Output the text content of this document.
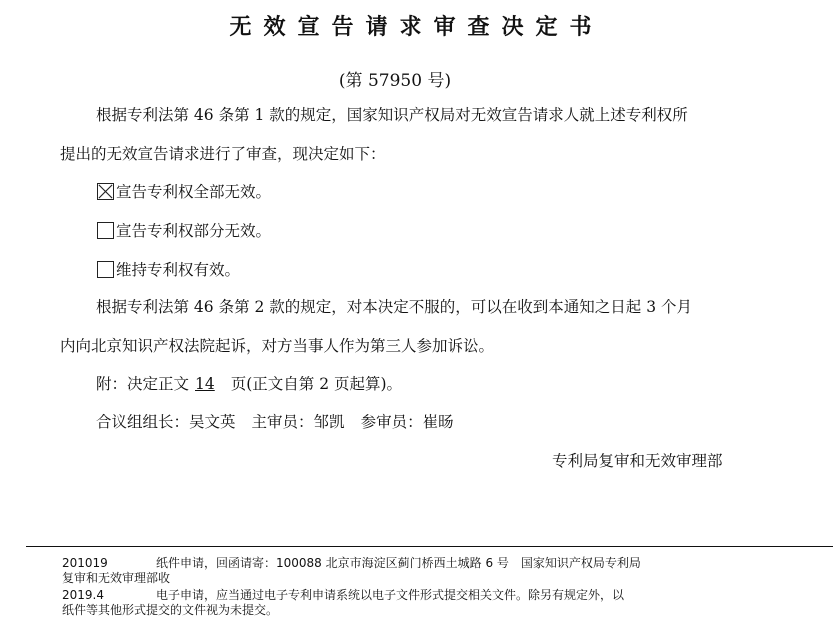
无效宣告请求审查决定书
(第 57950 号)
根据专利法第 46 条第 1 款的规定，国家知识产权局对无效宣告请求人就上述专利权所
提出的无效宣告请求进行了审查，现决定如下：
宣告专利权全部无效。
宣告专利权部分无效。
维持专利权有效。
根据专利法第 46 条第 2 款的规定，对本决定不服的，可以在收到本通知之日起 3 个月
内向北京知识产权法院起诉，对方当事人作为第三人参加诉讼。
附：决定正文 14 页(正文自第 2 页起算)。
合议组组长：吴文英 主审员：邹凯 参审员：崔旸
专利局复审和无效审理部
201019	纸件申请，回函请寄：100088 北京市海淀区蓟门桥西土城路 6 号　国家知识产权局专利局
复审和无效审理部收
2019.4	电子申请，应当通过电子专利申请系统以电子文件形式提交相关文件。除另有规定外，以
纸件等其他形式提交的文件视为未提交。
